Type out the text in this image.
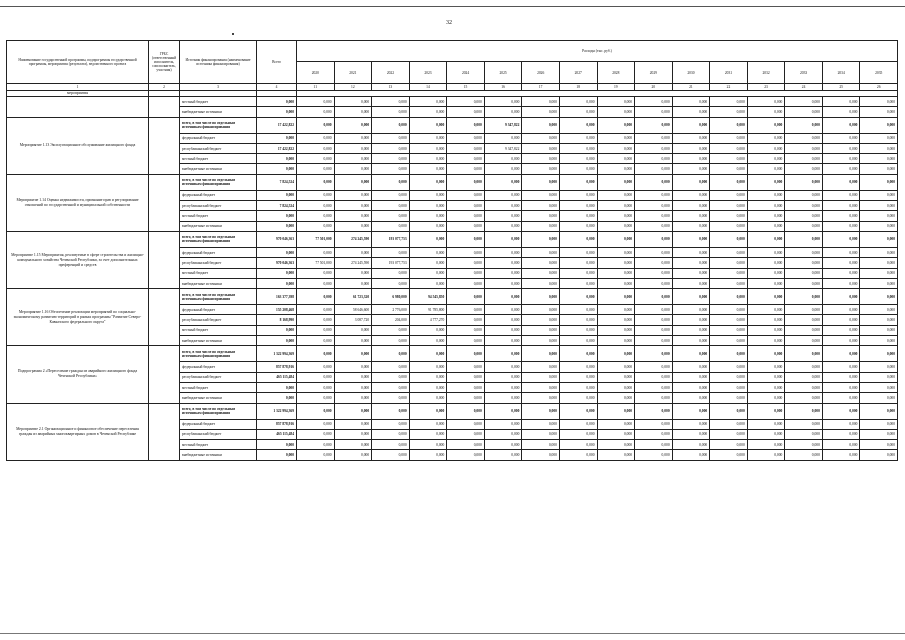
32
Наименование государственной программы, подпрограммы государственной программы, мероприятия (результата), ведомственного проекта	ГРБС (ответственный исполнитель, соисполнитель, участник)	Источник финансирования (наименование источника финансирования)	Всего	Расходы (тыс. руб.)															
				2020	2021	2022	2023	2024	2025	2026	2027	2028	2029	2030	2031	2032	2033	2034	2035
1	2	3	4	11	12	13	14	15	16	17	18	19	20	21	22	23	24	25	26
мероприятия																			
		местный бюджет	0,000	0,000	0,000	0,000	0,000	0,000	0,000	0,000	0,000	0,000	0,000	0,000	0,000	0,000	0,000	0,000	0,000
		внебюджетные источники	0,000	0,000	0,000	0,000	0,000	0,000	0,000	0,000	0,000	0,000	0,000	0,000	0,000	0,000	0,000	0,000	0,000
Мероприятие 1.13 Эксплуатационное обслуживание жилищного фонда		всего, в том числе по отдельным источникам финансирования	17 422,822	0,000	0,000	0,000	0,000	0,000	9 347,822	0,000	0,000	0,000	0,000	0,000	0,000	0,000	0,000	0,000	0,000
		федеральный бюджет	0,000	0,000	0,000	0,000	0,000	0,000	0,000	0,000	0,000	0,000	0,000	0,000	0,000	0,000	0,000	0,000	0,000
		республиканский бюджет	17 422,822	0,000	0,000	0,000	0,000	0,000	9 347,822	0,000	0,000	0,000	0,000	0,000	0,000	0,000	0,000	0,000	0,000
		местный бюджет	0,000	0,000	0,000	0,000	0,000	0,000	0,000	0,000	0,000	0,000	0,000	0,000	0,000	0,000	0,000	0,000	0,000
		внебюджетные источники	0,000	0,000	0,000	0,000	0,000	0,000	0,000	0,000	0,000	0,000	0,000	0,000	0,000	0,000	0,000	0,000	0,000
Мероприятие 1.14 Оценка недвижимости, признание прав и регулирование отношений по государственной и муниципальной собственности		всего, в том числе по отдельным источникам финансирования	7 824,524	0,000	0,000	0,000	0,000	0,000	0,000	0,000	0,000	0,000	0,000	0,000	0,000	0,000	0,000	0,000	0,000
		федеральный бюджет	0,000	0,000	0,000	0,000	0,000	0,000	0,000	0,000	0,000	0,000	0,000	0,000	0,000	0,000	0,000	0,000	0,000
		республиканский бюджет	7 824,524	0,000	0,000	0,000	0,000	0,000	0,000	0,000	0,000	0,000	0,000	0,000	0,000	0,000	0,000	0,000	0,000
		местный бюджет	0,000	0,000	0,000	0,000	0,000	0,000	0,000	0,000	0,000	0,000	0,000	0,000	0,000	0,000	0,000	0,000	0,000
		внебюджетные источники	0,000	0,000	0,000	0,000	0,000	0,000	0,000	0,000	0,000	0,000	0,000	0,000	0,000	0,000	0,000	0,000	0,000
Мероприятие 1.15 Мероприятия, реализуемые в сфере строительства и жилищно-коммунального хозяйства Чеченской Республики, за счет дополнительных преференций и средств		всего, в том числе по отдельным источникам финансирования	970 046,363	77 501,000	274 245,590	193 077,753	0,000	0,000	0,000	0,000	0,000	0,000	0,000	0,000	0,000	0,000	0,000	0,000	0,000
		федеральный бюджет	0,000	0,000	0,000	0,000	0,000	0,000	0,000	0,000	0,000	0,000	0,000	0,000	0,000	0,000	0,000	0,000	0,000
		республиканский бюджет	970 046,363	77 501,000	274 245,590	193 077,753	0,000	0,000	0,000	0,000	0,000	0,000	0,000	0,000	0,000	0,000	0,000	0,000	0,000
		местный бюджет	0,000	0,000	0,000	0,000	0,000	0,000	0,000	0,000	0,000	0,000	0,000	0,000	0,000	0,000	0,000	0,000	0,000
		внебюджетные источники	0,000	0,000	0,000	0,000	0,000	0,000	0,000	0,000	0,000	0,000	0,000	0,000	0,000	0,000	0,000	0,000	0,000
Мероприятие 1.16 Обеспечение реализации мероприятий по социально-экономическому развитию территорий в рамках программы "Развитие Северо-Кавказского федерального округа"		всего, в том числе по отдельным источникам финансирования	163 377,398	0,000	61 723,320	6 980,000	94 545,850	0,000	0,000	0,000	0,000	0,000	0,000	0,000	0,000	0,000	0,000	0,000	0,000
		федеральный бюджет	155 208,468	0,000	58 646,600	2 776,000	91 785,800	0,000	0,000	0,000	0,000	0,000	0,000	0,000	0,000	0,000	0,000	0,000	0,000
		республиканский бюджет	8 168,990	0,000	3 087,720	204,000	4 777,270	0,000	0,000	0,000	0,000	0,000	0,000	0,000	0,000	0,000	0,000	0,000	0,000
		местный бюджет	0,000	0,000	0,000	0,000	0,000	0,000	0,000	0,000	0,000	0,000	0,000	0,000	0,000	0,000	0,000	0,000	0,000
		внебюджетные источники	0,000	0,000	0,000	0,000	0,000	0,000	0,000	0,000	0,000	0,000	0,000	0,000	0,000	0,000	0,000	0,000	0,000
Подпрограмма 2 «Переселение граждан из аварийного жилищного фонда Чеченской Республики»		всего, в том числе по отдельным источникам финансирования	1 322 994,369	0,000	0,000	0,000	0,000	0,000	0,000	0,000	0,000	0,000	0,000	0,000	0,000	0,000	0,000	0,000	0,000
		федеральный бюджет	857 878,916	0,000	0,000	0,000	0,000	0,000	0,000	0,000	0,000	0,000	0,000	0,000	0,000	0,000	0,000	0,000	0,000
		республиканский бюджет	465 115,484	0,000	0,000	0,000	0,000	0,000	0,000	0,000	0,000	0,000	0,000	0,000	0,000	0,000	0,000	0,000	0,000
		местный бюджет	0,000	0,000	0,000	0,000	0,000	0,000	0,000	0,000	0,000	0,000	0,000	0,000	0,000	0,000	0,000	0,000	0,000
		внебюджетные источники	0,000	0,000	0,000	0,000	0,000	0,000	0,000	0,000	0,000	0,000	0,000	0,000	0,000	0,000	0,000	0,000	0,000
Мероприятие 2.1 Организационное и финансовое обеспечение переселения граждан из аварийных многоквартирных домов в Чеченской Республике		всего, в том числе по отдельным источникам финансирования	1 322 994,369	0,000	0,000	0,000	0,000	0,000	0,000	0,000	0,000	0,000	0,000	0,000	0,000	0,000	0,000	0,000	0,000
		федеральный бюджет	857 878,916	0,000	0,000	0,000	0,000	0,000	0,000	0,000	0,000	0,000	0,000	0,000	0,000	0,000	0,000	0,000	0,000
		республиканский бюджет	465 115,484	0,000	0,000	0,000	0,000	0,000	0,000	0,000	0,000	0,000	0,000	0,000	0,000	0,000	0,000	0,000	0,000
		местный бюджет	0,000	0,000	0,000	0,000	0,000	0,000	0,000	0,000	0,000	0,000	0,000	0,000	0,000	0,000	0,000	0,000	0,000
		внебюджетные источники	0,000	0,000	0,000	0,000	0,000	0,000	0,000	0,000	0,000	0,000	0,000	0,000	0,000	0,000	0,000	0,000	0,000
